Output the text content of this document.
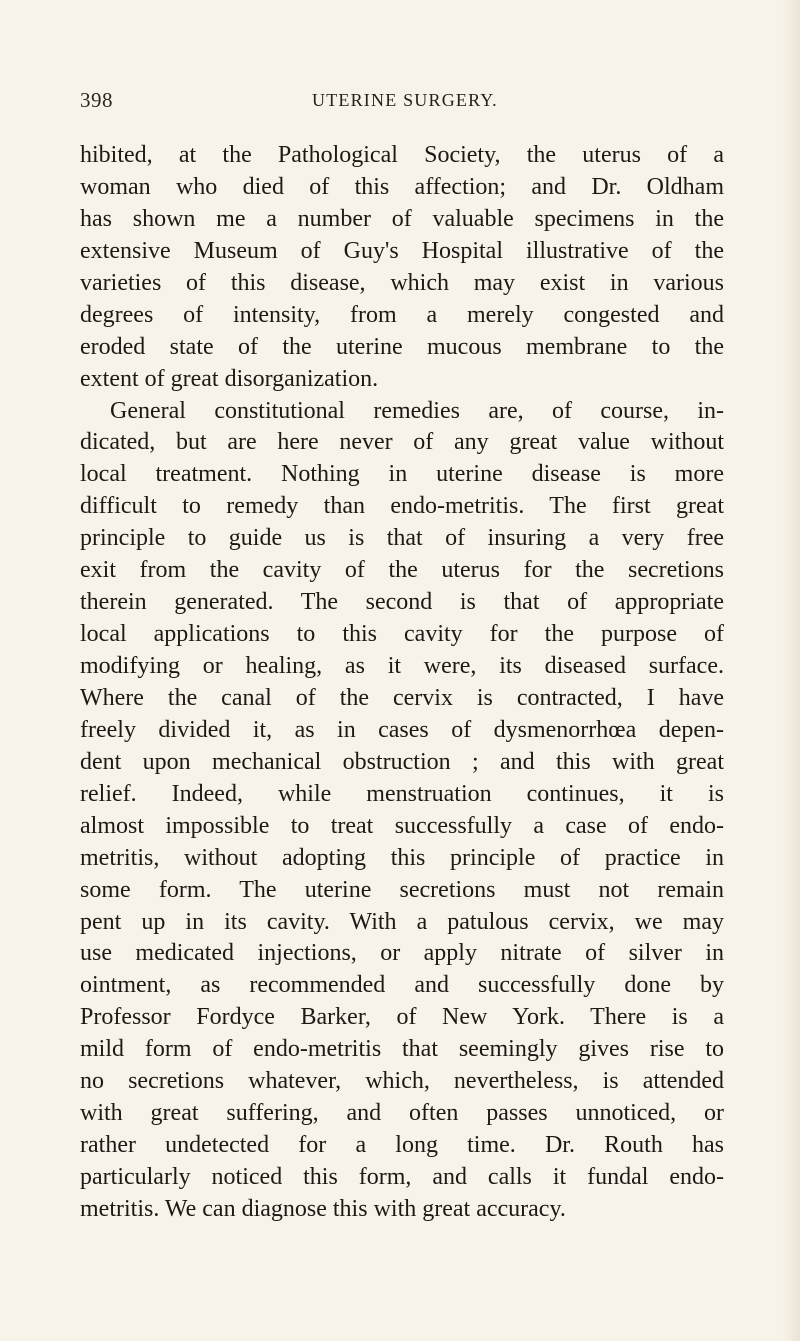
398	UTERINE SURGERY.
hibited, at the Pathological Society, the uterus of a
woman who died of this affection; and Dr. Oldham
has shown me a number of valuable specimens in the
extensive Museum of Guy's Hospital illustrative of the
varieties of this disease, which may exist in various
degrees of intensity, from a merely congested and
eroded state of the uterine mucous membrane to the
extent of great disorganization.
General constitutional remedies are, of course, in-
dicated, but are here never of any great value without
local treatment. Nothing in uterine disease is more
difficult to remedy than endo-metritis. The first great
principle to guide us is that of insuring a very free
exit from the cavity of the uterus for the secretions
therein generated. The second is that of appropriate
local applications to this cavity for the purpose of
modifying or healing, as it were, its diseased surface.
Where the canal of the cervix is contracted, I have
freely divided it, as in cases of dysmenorrhœa depen-
dent upon mechanical obstruction ; and this with great
relief. Indeed, while menstruation continues, it is
almost impossible to treat successfully a case of endo-
metritis, without adopting this principle of practice in
some form. The uterine secretions must not remain
pent up in its cavity. With a patulous cervix, we may
use medicated injections, or apply nitrate of silver in
ointment, as recommended and successfully done by
Professor Fordyce Barker, of New York. There is a
mild form of endo-metritis that seemingly gives rise to
no secretions whatever, which, nevertheless, is attended
with great suffering, and often passes unnoticed, or
rather undetected for a long time. Dr. Routh has
particularly noticed this form, and calls it fundal endo-
metritis. We can diagnose this with great accuracy.
